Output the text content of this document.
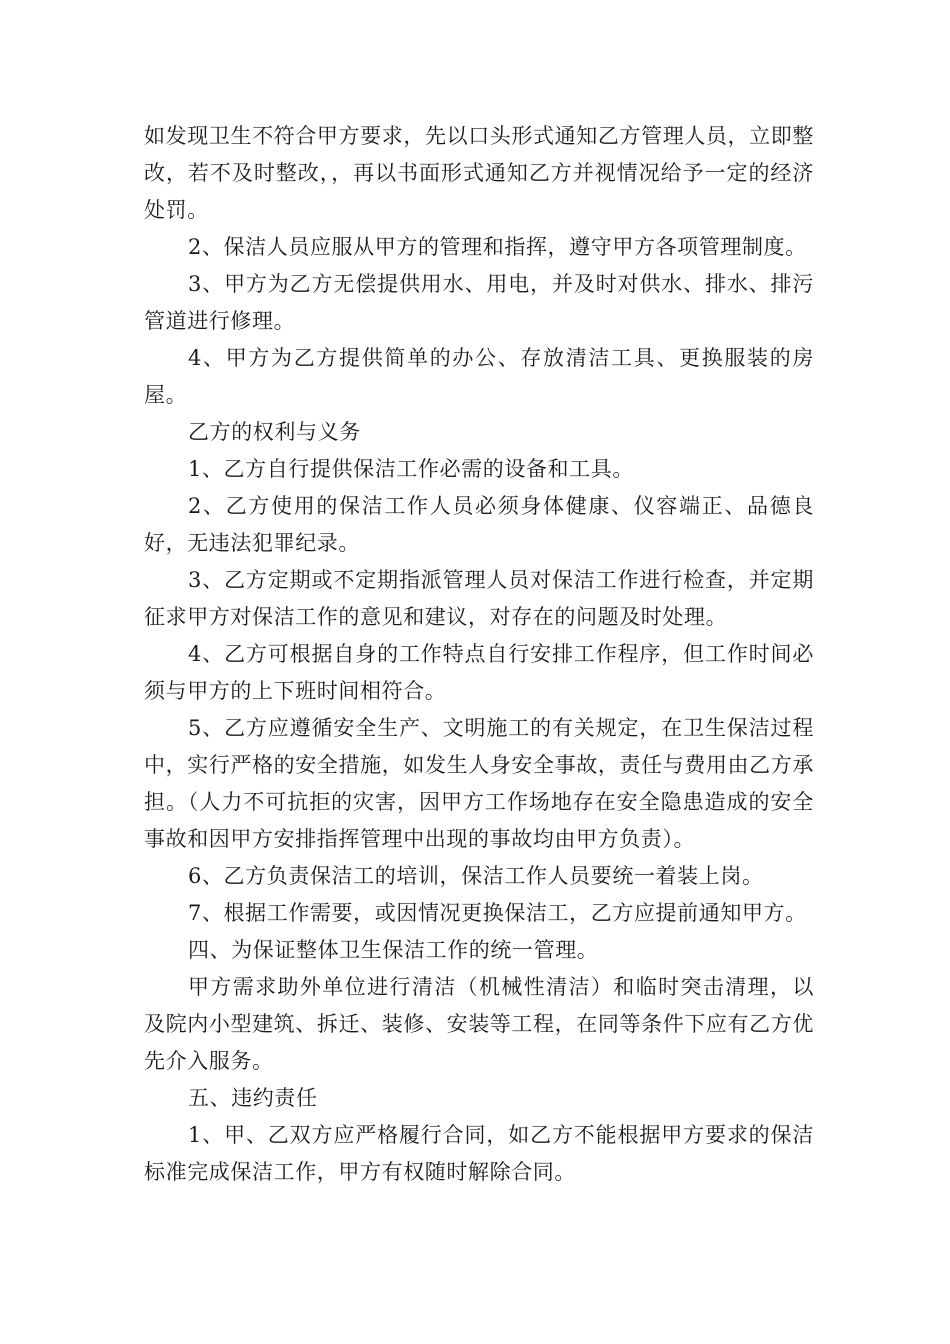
如发现卫生不符合甲方要求，先以口头形式通知乙方管理人员，立即整改，若不及时整改，，再以书面形式通知乙方并视情况给予一定的经济处罚。

2、保洁人员应服从甲方的管理和指挥，遵守甲方各项管理制度。

3、甲方为乙方无偿提供用水、用电，并及时对供水、排水、排污管道进行修理。

4、甲方为乙方提供简单的办公、存放清洁工具、更换服装的房屋。

乙方的权利与义务

1、乙方自行提供保洁工作必需的设备和工具。

2、乙方使用的保洁工作人员必须身体健康、仪容端正、品德良好，无违法犯罪纪录。

3、乙方定期或不定期指派管理人员对保洁工作进行检查，并定期征求甲方对保洁工作的意见和建议，对存在的问题及时处理。

4、乙方可根据自身的工作特点自行安排工作程序，但工作时间必须与甲方的上下班时间相符合。

5、乙方应遵循安全生产、文明施工的有关规定，在卫生保洁过程中，实行严格的安全措施，如发生人身安全事故，责任与费用由乙方承担。（人力不可抗拒的灾害，因甲方工作场地存在安全隐患造成的安全事故和因甲方安排指挥管理中出现的事故均由甲方负责）。

6、乙方负责保洁工的培训，保洁工作人员要统一着装上岗。

7、根据工作需要，或因情况更换保洁工，乙方应提前通知甲方。

四、为保证整体卫生保洁工作的统一管理。

甲方需求助外单位进行清洁（机械性清洁）和临时突击清理，以及院内小型建筑、拆迁、装修、安装等工程，在同等条件下应有乙方优先介入服务。

五、违约责任

1、甲、乙双方应严格履行合同，如乙方不能根据甲方要求的保洁标准完成保洁工作，甲方有权随时解除合同。
